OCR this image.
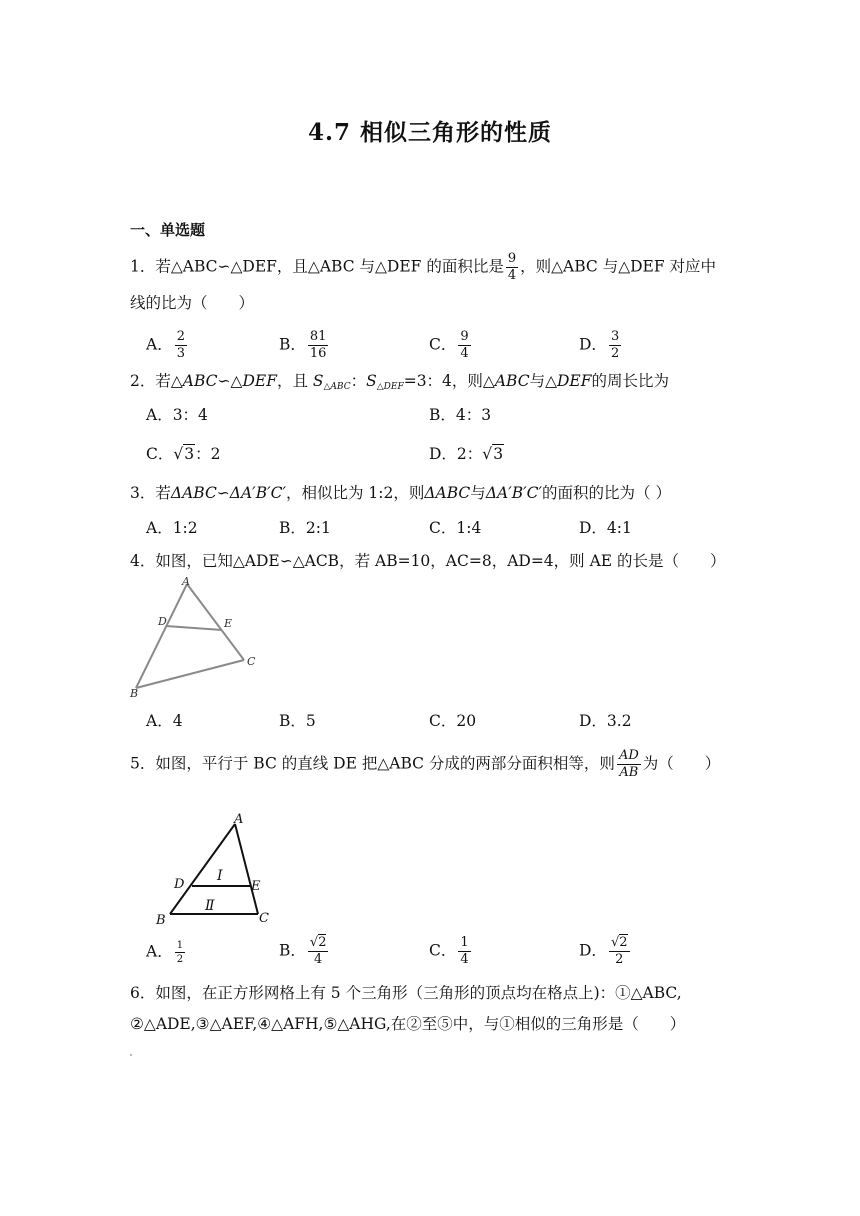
4.7 相似三角形的性质
一、单选题
1．若△ABC∽△DEF，且△ABC 与△DEF 的面积比是 $\frac{9}{4}$ ，则△ABC 与△DEF 对应中
线的比为（　　）
A． $\frac{2}{3}$	B． $\frac{81}{16}$	C． $\frac{9}{4}$	D． $\frac{3}{2}$
2．若△ABC∽△DEF，且 $S_{\triangle ABC}$：$S_{\triangle DEF}=3$：4，则△ABC与△DEF的周长比为
A．3：4	B．4：3
C．√3：2	D．2：√3
3．若ΔABC∽ΔA′B′C′，相似比为 1:2，则ΔABC与ΔA′B′C′的面积的比为（ ）
A．1:2	B．2:1	C．1:4	D．4:1
4．如图，已知△ADE∽△ACB，若 AB=10，AC=8，AD=4，则 AE 的长是（　　）
A
D	E
C
B
A．4	B．5	C．20	D．3.2
5．如图，平行于 BC 的直线 DE 把△ABC 分成的两部分面积相等，则 $\frac{AD}{AB}$ 为（　　）
A
D	E
B	C
Ⅰ
Ⅱ
A． $\frac{1}{2}$	B． $\frac{√2}{4}$	C． $\frac{1}{4}$	D． $\frac{√2}{2}$
6．如图，在正方形网格上有 5 个三角形（三角形的顶点均在格点上)：①△ABC,
②△ADE,③△AEF,④△AFH,⑤△AHG,在②至⑤中，与①相似的三角形是（　　）
